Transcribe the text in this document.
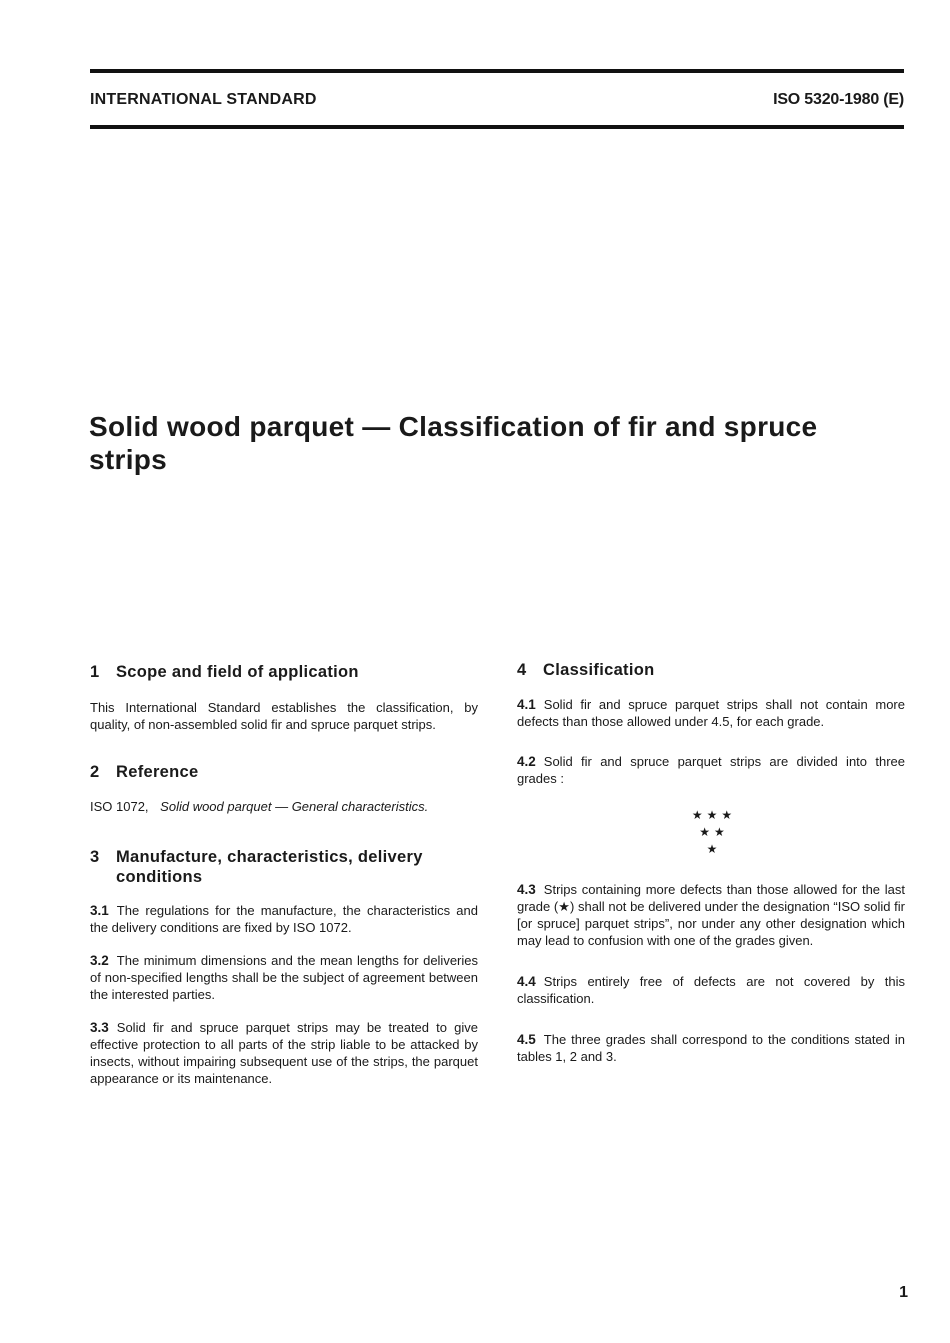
INTERNATIONAL STANDARD	ISO 5320-1980 (E)
Solid wood parquet — Classification of fir and spruce
strips
1 Scope and field of application

This International Standard establishes the classification, by quality, of non-assembled solid fir and spruce parquet strips.

2 Reference

ISO 1072, Solid wood parquet — General characteristics.

3 Manufacture, characteristics, delivery conditions

3.1 The regulations for the manufacture, the characteristics and the delivery conditions are fixed by ISO 1072.

3.2 The minimum dimensions and the mean lengths for deliveries of non-specified lengths shall be the subject of agreement between the interested parties.

3.3 Solid fir and spruce parquet strips may be treated to give effective protection to all parts of the strip liable to be attacked by insects, without impairing subsequent use of the strips, the parquet appearance or its maintenance.

4 Classification

4.1 Solid fir and spruce parquet strips shall not contain more defects than those allowed under 4.5, for each grade.

4.2 Solid fir and spruce parquet strips are divided into three grades :

★★★
★★
★

4.3 Strips containing more defects than those allowed for the last grade (★) shall not be delivered under the designation “ISO solid fir [or spruce] parquet strips”, nor under any other designation which may lead to confusion with one of the grades given.

4.4 Strips entirely free of defects are not covered by this classification.

4.5 The three grades shall correspond to the conditions stated in tables 1, 2 and 3.

1
